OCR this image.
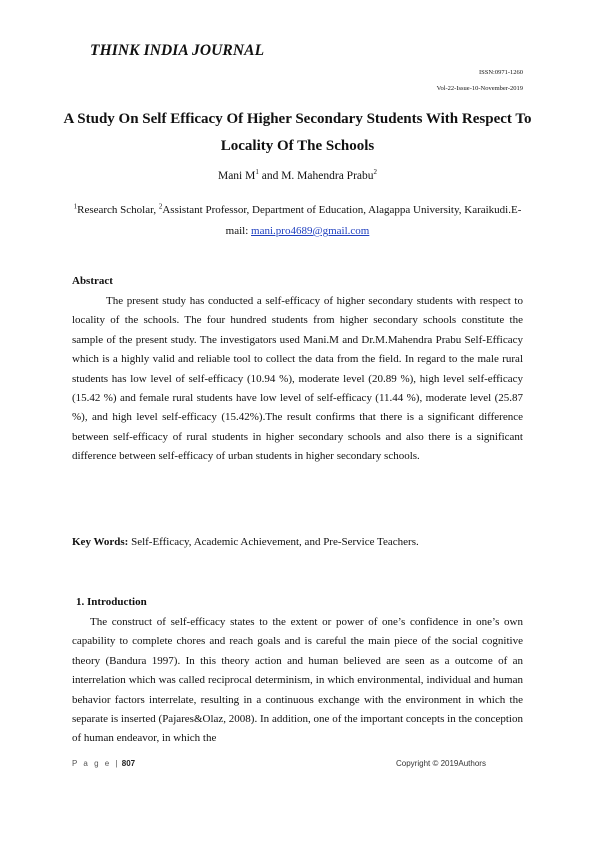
THINK INDIA JOURNAL
ISSN:0971-1260
Vol-22-Issue-10-November-2019
A Study On Self Efficacy Of Higher Secondary Students With Respect To Locality Of The Schools
Mani $M^1$ and M. Mahendra Prabu$^2$
$^1$Research Scholar, $^2$Assistant Professor, Department of Education, Alagappa University, Karaikudi.E-mail: mani.pro4689@gmail.com
Abstract
The present study has conducted a self-efficacy of higher secondary students with respect to locality of the schools. The four hundred students from higher secondary schools constitute the sample of the present study. The investigators used Mani.M and Dr.M.Mahendra Prabu Self-Efficacy which is a highly valid and reliable tool to collect the data from the field. In regard to the male rural students has low level of self-efficacy (10.94 %), moderate level (20.89 %), high level self-efficacy (15.42 %) and female rural students have low level of self-efficacy (11.44 %), moderate level (25.87 %), and high level self-efficacy (15.42%).The result confirms that there is a significant difference between self-efficacy of rural students in higher secondary schools and also there is a significant difference between self-efficacy of urban students in higher secondary schools.
Key Words: Self-Efficacy, Academic Achievement, and Pre-Service Teachers.
1. Introduction
The construct of self-efficacy states to the extent or power of one’s confidence in one’s own capability to complete chores and reach goals and is careful the main piece of the social cognitive theory (Bandura 1997). In this theory action and human believed are seen as a outcome of an interrelation which was called reciprocal determinism, in which environmental, individual and human behavior factors interrelate, resulting in a continuous exchange with the environment in which the separate is inserted (Pajares&Olaz, 2008). In addition, one of the important concepts in the conception of human endeavor, in which the
P a g e | 807	Copyright © 2019Authors
